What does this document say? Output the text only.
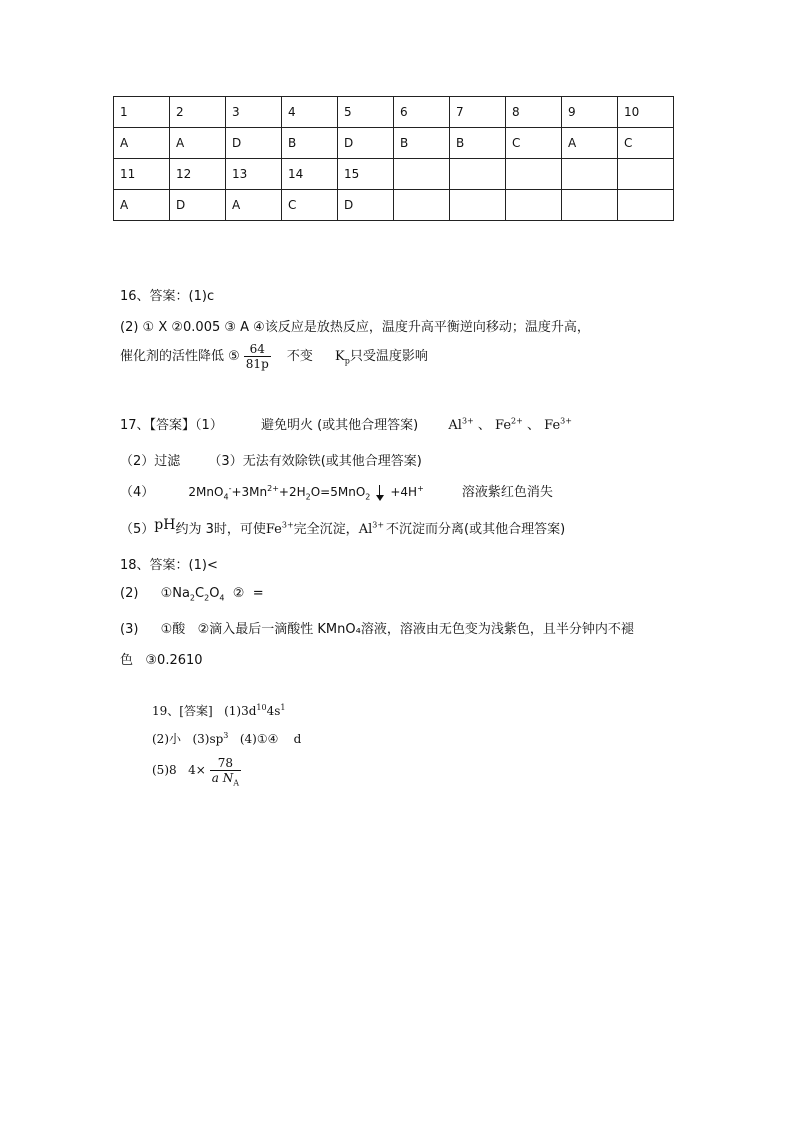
1	2	3	4	5	6	7	8	9	10
A	A	D	B	D	B	B	C	A	C
11	12	13	14	15					
A	D	A	C	D					
16、答案：(1)c
(2) ① X ②0.005 ③ A ④该反应是放热反应，温度升高平衡逆向移动；温度升高，
催化剂的活性降低 ⑤ $\frac{64}{81p}$ 不变 $K_p$只受温度影响
17、【答案】（1）	避免明火 (或其他合理答案) $Al^{3+}$ 、 $Fe^{2+}$ 、 $Fe^{3+}$
（2）过滤 （3）无法有效除铁(或其他合理答案)
（4）	$2MnO_4^-+3Mn^{2+}+2H_2O=5MnO_2 +4H^+$	溶液紫红色消失
（5）pH约为 3时，可使$Fe^{3+}$完全沉淀，$Al^{3+}$ 不沉淀而分离(或其他合理答案)
18、答案：(1)<
(2) $①Na_2C_2O_4$  ②  =
(3) ①酸   ②滴入最后一滴酸性 KMnO₄溶液，溶液由无色变为浅紫色，且半分钟内不褪
色   ③0.2610
19、[答案]   $(1)3d^{10}4s^1$
(2)小   $(3)sp^3$   (4)①④    d
(5)8   $4\times \frac{78}{a N_A}$
